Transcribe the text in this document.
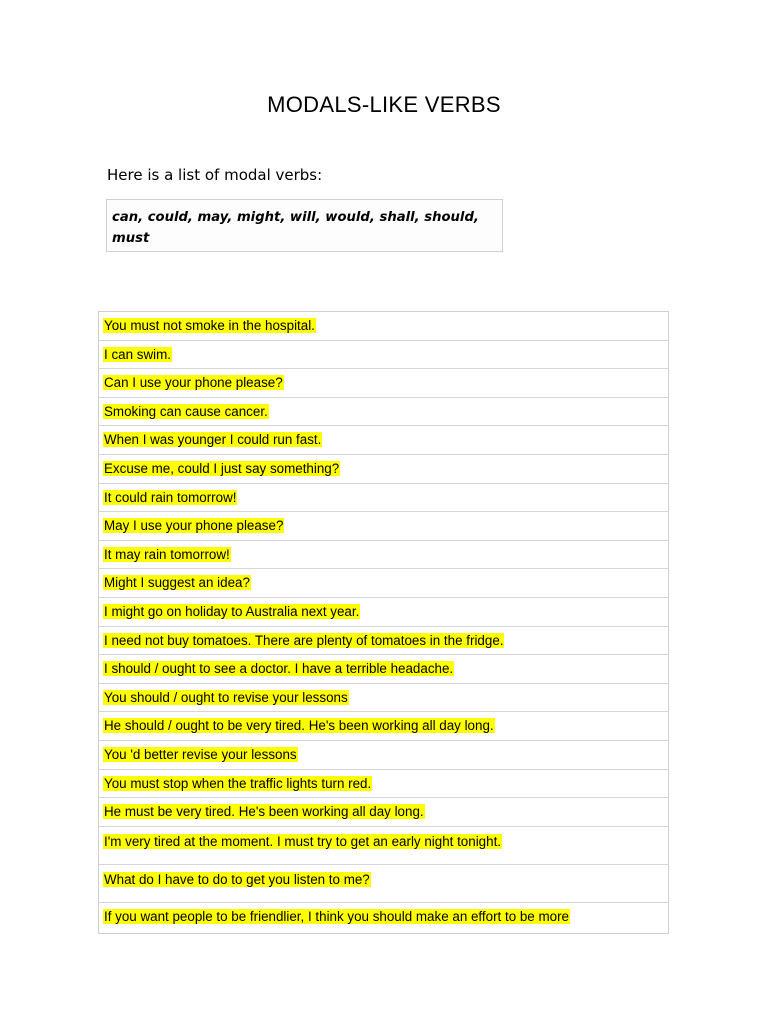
MODALS-LIKE VERBS
Here is a list of modal verbs:
can, could, may, might, will, would, shall, should, must
You must not smoke in the hospital.
I can swim.
Can I use your phone please?
Smoking can cause cancer.
When I was younger I could run fast.
Excuse me, could I just say something?
It could rain tomorrow!
May I use your phone please?
It may rain tomorrow!
Might I suggest an idea?
I might go on holiday to Australia next year.
I need not buy tomatoes. There are plenty of tomatoes in the fridge.
I should / ought to see a doctor. I have a terrible headache.
You should / ought to revise your lessons
He should / ought to be very tired. He's been working all day long.
You 'd better revise your lessons
You must stop when the traffic lights turn red.
He must be very tired. He's been working all day long.
I'm very tired at the moment. I must try to get an early night tonight.
What do I have to do to get you listen to me?
If you want people to be friendlier, I think you should make an effort to be more
